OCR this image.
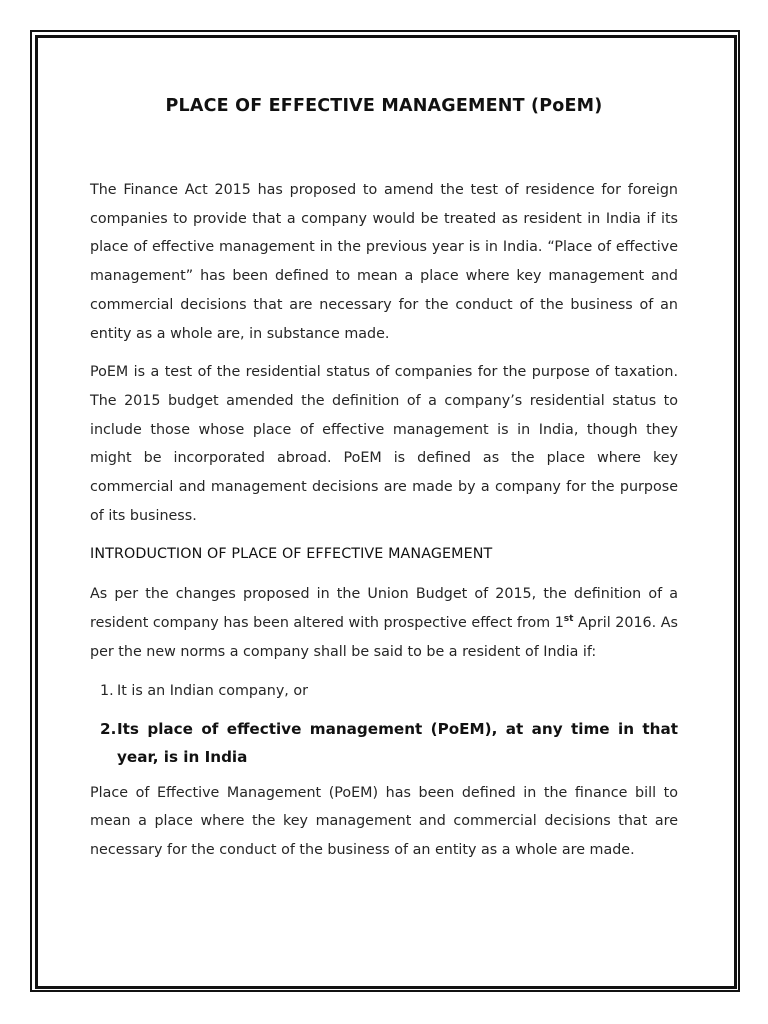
PLACE OF EFFECTIVE MANAGEMENT (PoEM)

The Finance Act 2015 has proposed to amend the test of residence for foreign companies to provide that a company would be treated as resident in India if its place of effective management in the previous year is in India. “Place of effective management” has been defined to mean a place where key management and commercial decisions that are necessary for the conduct of the business of an entity as a whole are, in substance made.

PoEM is a test of the residential status of companies for the purpose of taxation. The 2015 budget amended the definition of a company’s residential status to include those whose place of effective management is in India, though they might be incorporated abroad. PoEM is defined as the place where key commercial and management decisions are made by a company for the purpose of its business.

INTRODUCTION OF PLACE OF EFFECTIVE MANAGEMENT

As per the changes proposed in the Union Budget of 2015, the definition of a resident company has been altered with prospective effect from 1st April 2016. As per the new norms a company shall be said to be a resident of India if:

1. It is an Indian company, or
2. Its place of effective management (PoEM), at any time in that year, is in India

Place of Effective Management (PoEM) has been defined in the finance bill to mean a place where the key management and commercial decisions that are necessary for the conduct of the business of an entity as a whole are made.
